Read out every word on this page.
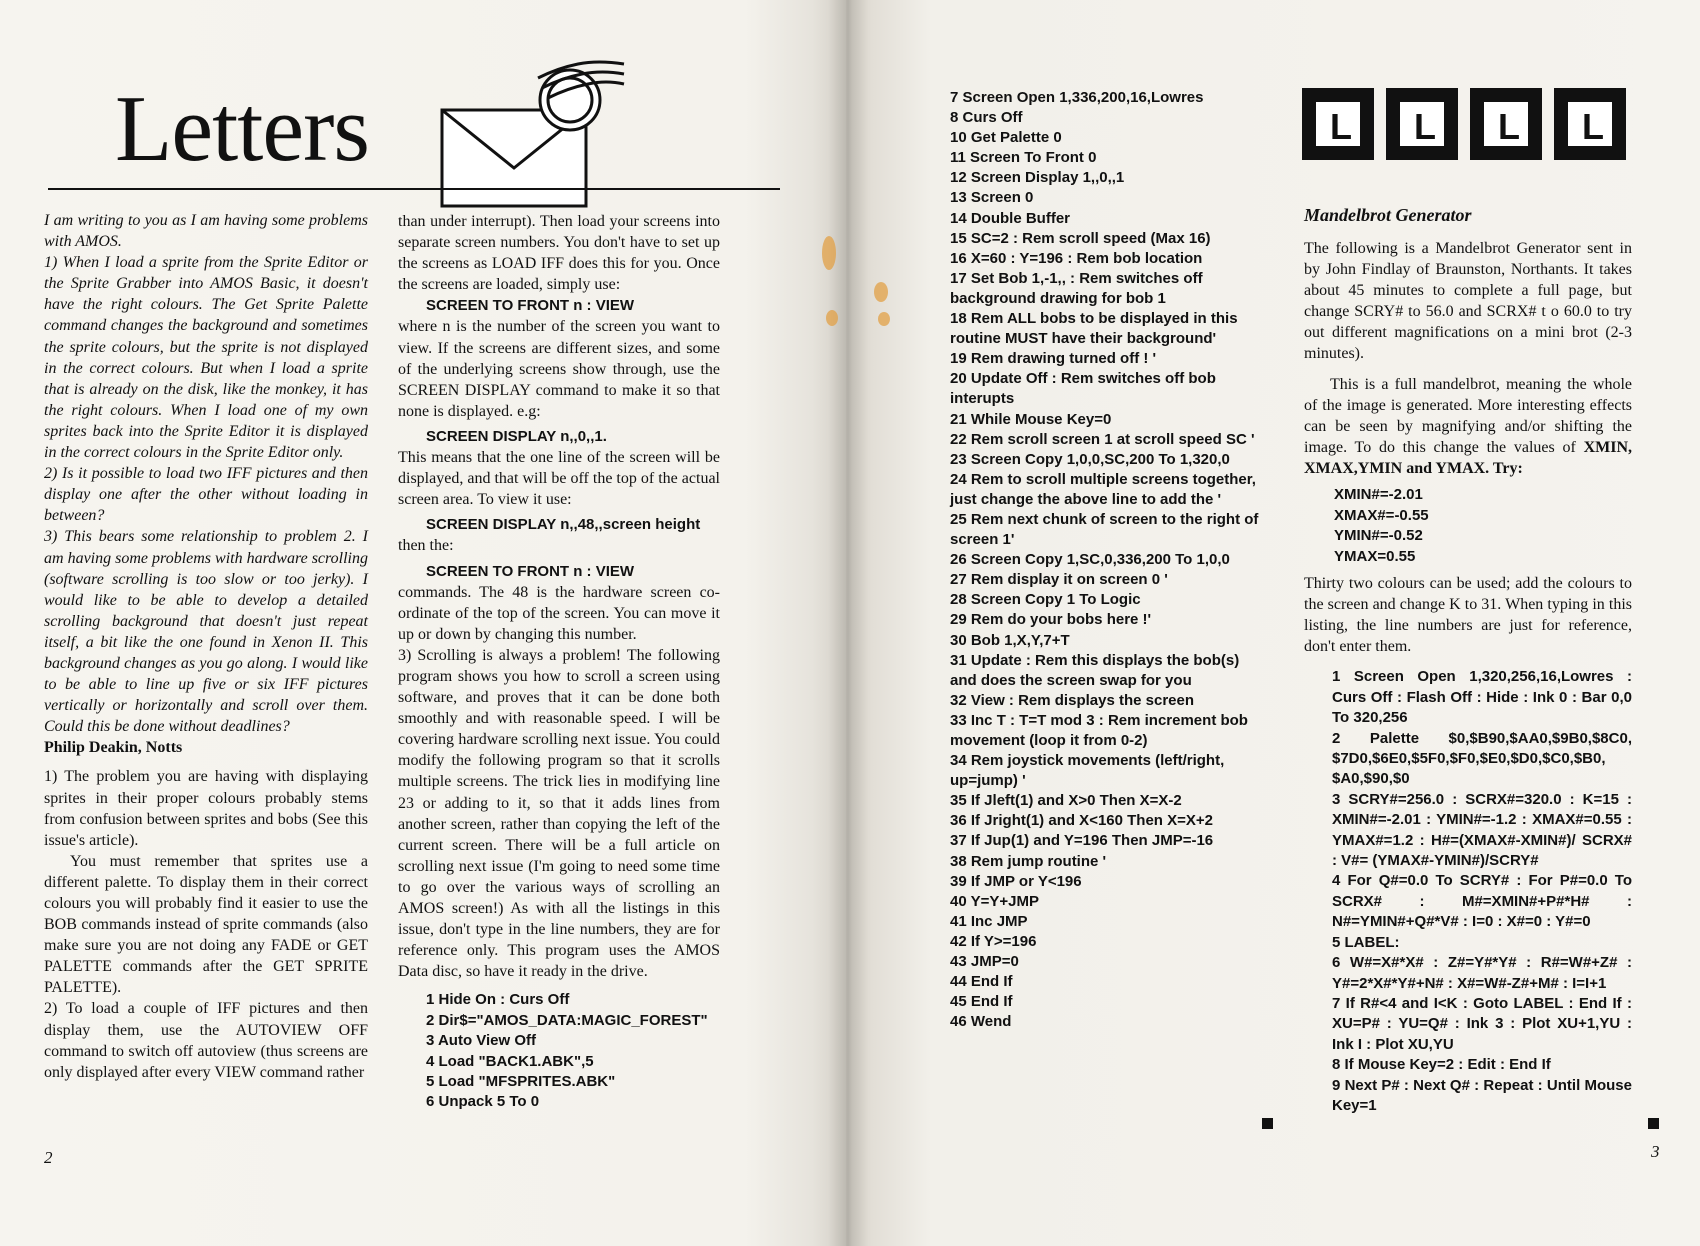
Letters

I am writing to you as I am having some problems with AMOS.

1) When I load a sprite from the Sprite Editor or the Sprite Grabber into AMOS Basic, it doesn't have the right colours. The Get Sprite Palette command changes the background and sometimes the sprite colours, but the sprite is not displayed in the correct colours. But when I load a sprite that is already on the disk, like the monkey, it has the right colours. When I load one of my own sprites back into the Sprite Editor it is displayed in the correct colours in the Sprite Editor only.

2) Is it possible to load two IFF pictures and then display one after the other without loading in between?

3) This bears some relationship to problem 2. I am having some problems with hardware scrolling (software scrolling is too slow or too jerky). I would like to be able to develop a detailed scrolling background that doesn't just repeat itself, a bit like the one found in Xenon II. This background changes as you go along. I would like to be able to line up five or six IFF pictures vertically or horizontally and scroll over them. Could this be done without deadlines?

Philip Deakin, Notts

1) The problem you are having with displaying sprites in their proper colours probably stems from confusion between sprites and bobs (See this issue's article).

You must remember that sprites use a different palette. To display them in their correct colours you will probably find it easier to use the BOB commands instead of sprite commands (also make sure you are not doing any FADE or GET PALETTE commands after the GET SPRITE PALETTE).

2) To load a couple of IFF pictures and then display them, use the AUTOVIEW OFF command to switch off autoview (thus screens are only displayed after every VIEW command rather

than under interrupt). Then load your screens into separate screen numbers. You don't have to set up the screens as LOAD IFF does this for you. Once the screens are loaded, simply use:

SCREEN TO FRONT n : VIEW

where n is the number of the screen you want to view. If the screens are different sizes, and some of the underlying screens show through, use the SCREEN DISPLAY command to make it so that none is displayed. e.g:

SCREEN DISPLAY n,,0,,1.

This means that the one line of the screen will be displayed, and that will be off the top of the actual screen area. To view it use:

SCREEN DISPLAY n,,48,,screen height

then the:

SCREEN TO FRONT n : VIEW

commands. The 48 is the hardware screen co-ordinate of the top of the screen. You can move it up or down by changing this number.

3) Scrolling is always a problem! The following program shows you how to scroll a screen using software, and proves that it can be done both smoothly and with reasonable speed. I will be covering hardware scrolling next issue. You could modify the following program so that it scrolls multiple screens. The trick lies in modifying line 23 or adding to it, so that it adds lines from another screen, rather than copying the left of the current screen. There will be a full article on scrolling next issue (I'm going to need some time to go over the various ways of scrolling an AMOS screen!) As with all the listings in this issue, don't type in the line numbers, they are for reference only. This program uses the AMOS Data disc, so have it ready in the drive.

1 Hide On : Curs Off
2 Dir$="AMOS_DATA:MAGIC_FOREST"
3 Auto View Off
4 Load "BACK1.ABK",5
5 Load "MFSPRITES.ABK"
6 Unpack 5 To 0
2
7 Screen Open 1,336,200,16,Lowres
8 Curs Off
10 Get Palette 0
11 Screen To Front 0
12 Screen Display 1,,0,,1
13 Screen 0
14 Double Buffer
15 SC=2 : Rem scroll speed (Max 16)
16 X=60 : Y=196 : Rem bob location
17 Set Bob 1,-1,, : Rem switches off background drawing for bob 1
18 Rem ALL bobs to be displayed in this routine MUST have their background'
19 Rem drawing turned off ! '
20 Update Off : Rem switches off bob interupts
21 While Mouse Key=0
22 Rem scroll screen 1 at scroll speed SC '
23 Screen Copy 1,0,0,SC,200 To 1,320,0
24 Rem to scroll multiple screens together, just change the above line to add the '
25 Rem next chunk of screen to the right of screen 1'
26 Screen Copy 1,SC,0,336,200 To 1,0,0
27 Rem display it on screen 0 '
28 Screen Copy 1 To Logic
29 Rem do your bobs here !'
30 Bob 1,X,Y,7+T
31 Update : Rem this displays the bob(s) and does the screen swap for you
32 View : Rem displays the screen
33 Inc T : T=T mod 3 : Rem increment bob movement (loop it from 0-2)
34 Rem joystick movements (left/right, up=jump) '
35 If Jleft(1) and X>0 Then X=X-2
36 If Jright(1) and X<160 Then X=X+2
37 If Jup(1) and Y=196 Then JMP=-16
38 Rem jump routine '
39 If JMP or Y<196
40 Y=Y+JMP
41 Inc JMP
42 If Y>=196
43 JMP=0
44 End If
45 End If
46 Wend
L	L	L	L
Mandelbrot Generator

The following is a Mandelbrot Generator sent in by John Findlay of Braunston, Northants. It takes about 45 minutes to complete a full page, but change SCRY# to 56.0 and SCRX# t o 60.0 to try out different magnifications on a mini brot (2-3 minutes).

This is a full mandelbrot, meaning the whole of the image is generated. More interesting effects can be seen by magnifying and/or shifting the image. To do this change the values of XMIN, XMAX,YMIN and YMAX. Try:

XMIN#=-2.01
XMAX#=-0.55
YMIN#=-0.52
YMAX=0.55

Thirty two colours can be used; add the colours to the screen and change K to 31. When typing in this listing, the line numbers are just for reference, don't enter them.

1 Screen Open 1,320,256,16,Lowres : Curs Off : Flash Off : Hide : Ink 0 : Bar 0,0 To 320,256
2 Palette $0,$B90,$AA0,$9B0,$8C0, $7D0,$6E0,$5F0,$F0,$E0,$D0,$C0,$B0, $A0,$90,$0
3 SCRY#=256.0 : SCRX#=320.0 : K=15 : XMIN#=-2.01 : YMIN#=-1.2 : XMAX#=0.55 : YMAX#=1.2 : H#=(XMAX#-XMIN#)/ SCRX# : V#= (YMAX#-YMIN#)/SCRY#
4 For Q#=0.0 To SCRY# : For P#=0.0 To SCRX# : M#=XMIN#+P#*H# : N#=YMIN#+Q#*V# : I=0 : X#=0 : Y#=0
5 LABEL:
6 W#=X#*X# : Z#=Y#*Y# : R#=W#+Z# : Y#=2*X#*Y#+N# : X#=W#-Z#+M# : I=I+1
7 If R#<4 and I<K : Goto LABEL : End If : XU=P# : YU=Q# : Ink 3 : Plot XU+1,YU : Ink I : Plot XU,YU
8 If Mouse Key=2 : Edit : End If
9 Next P# : Next Q# : Repeat : Until Mouse Key=1
3
